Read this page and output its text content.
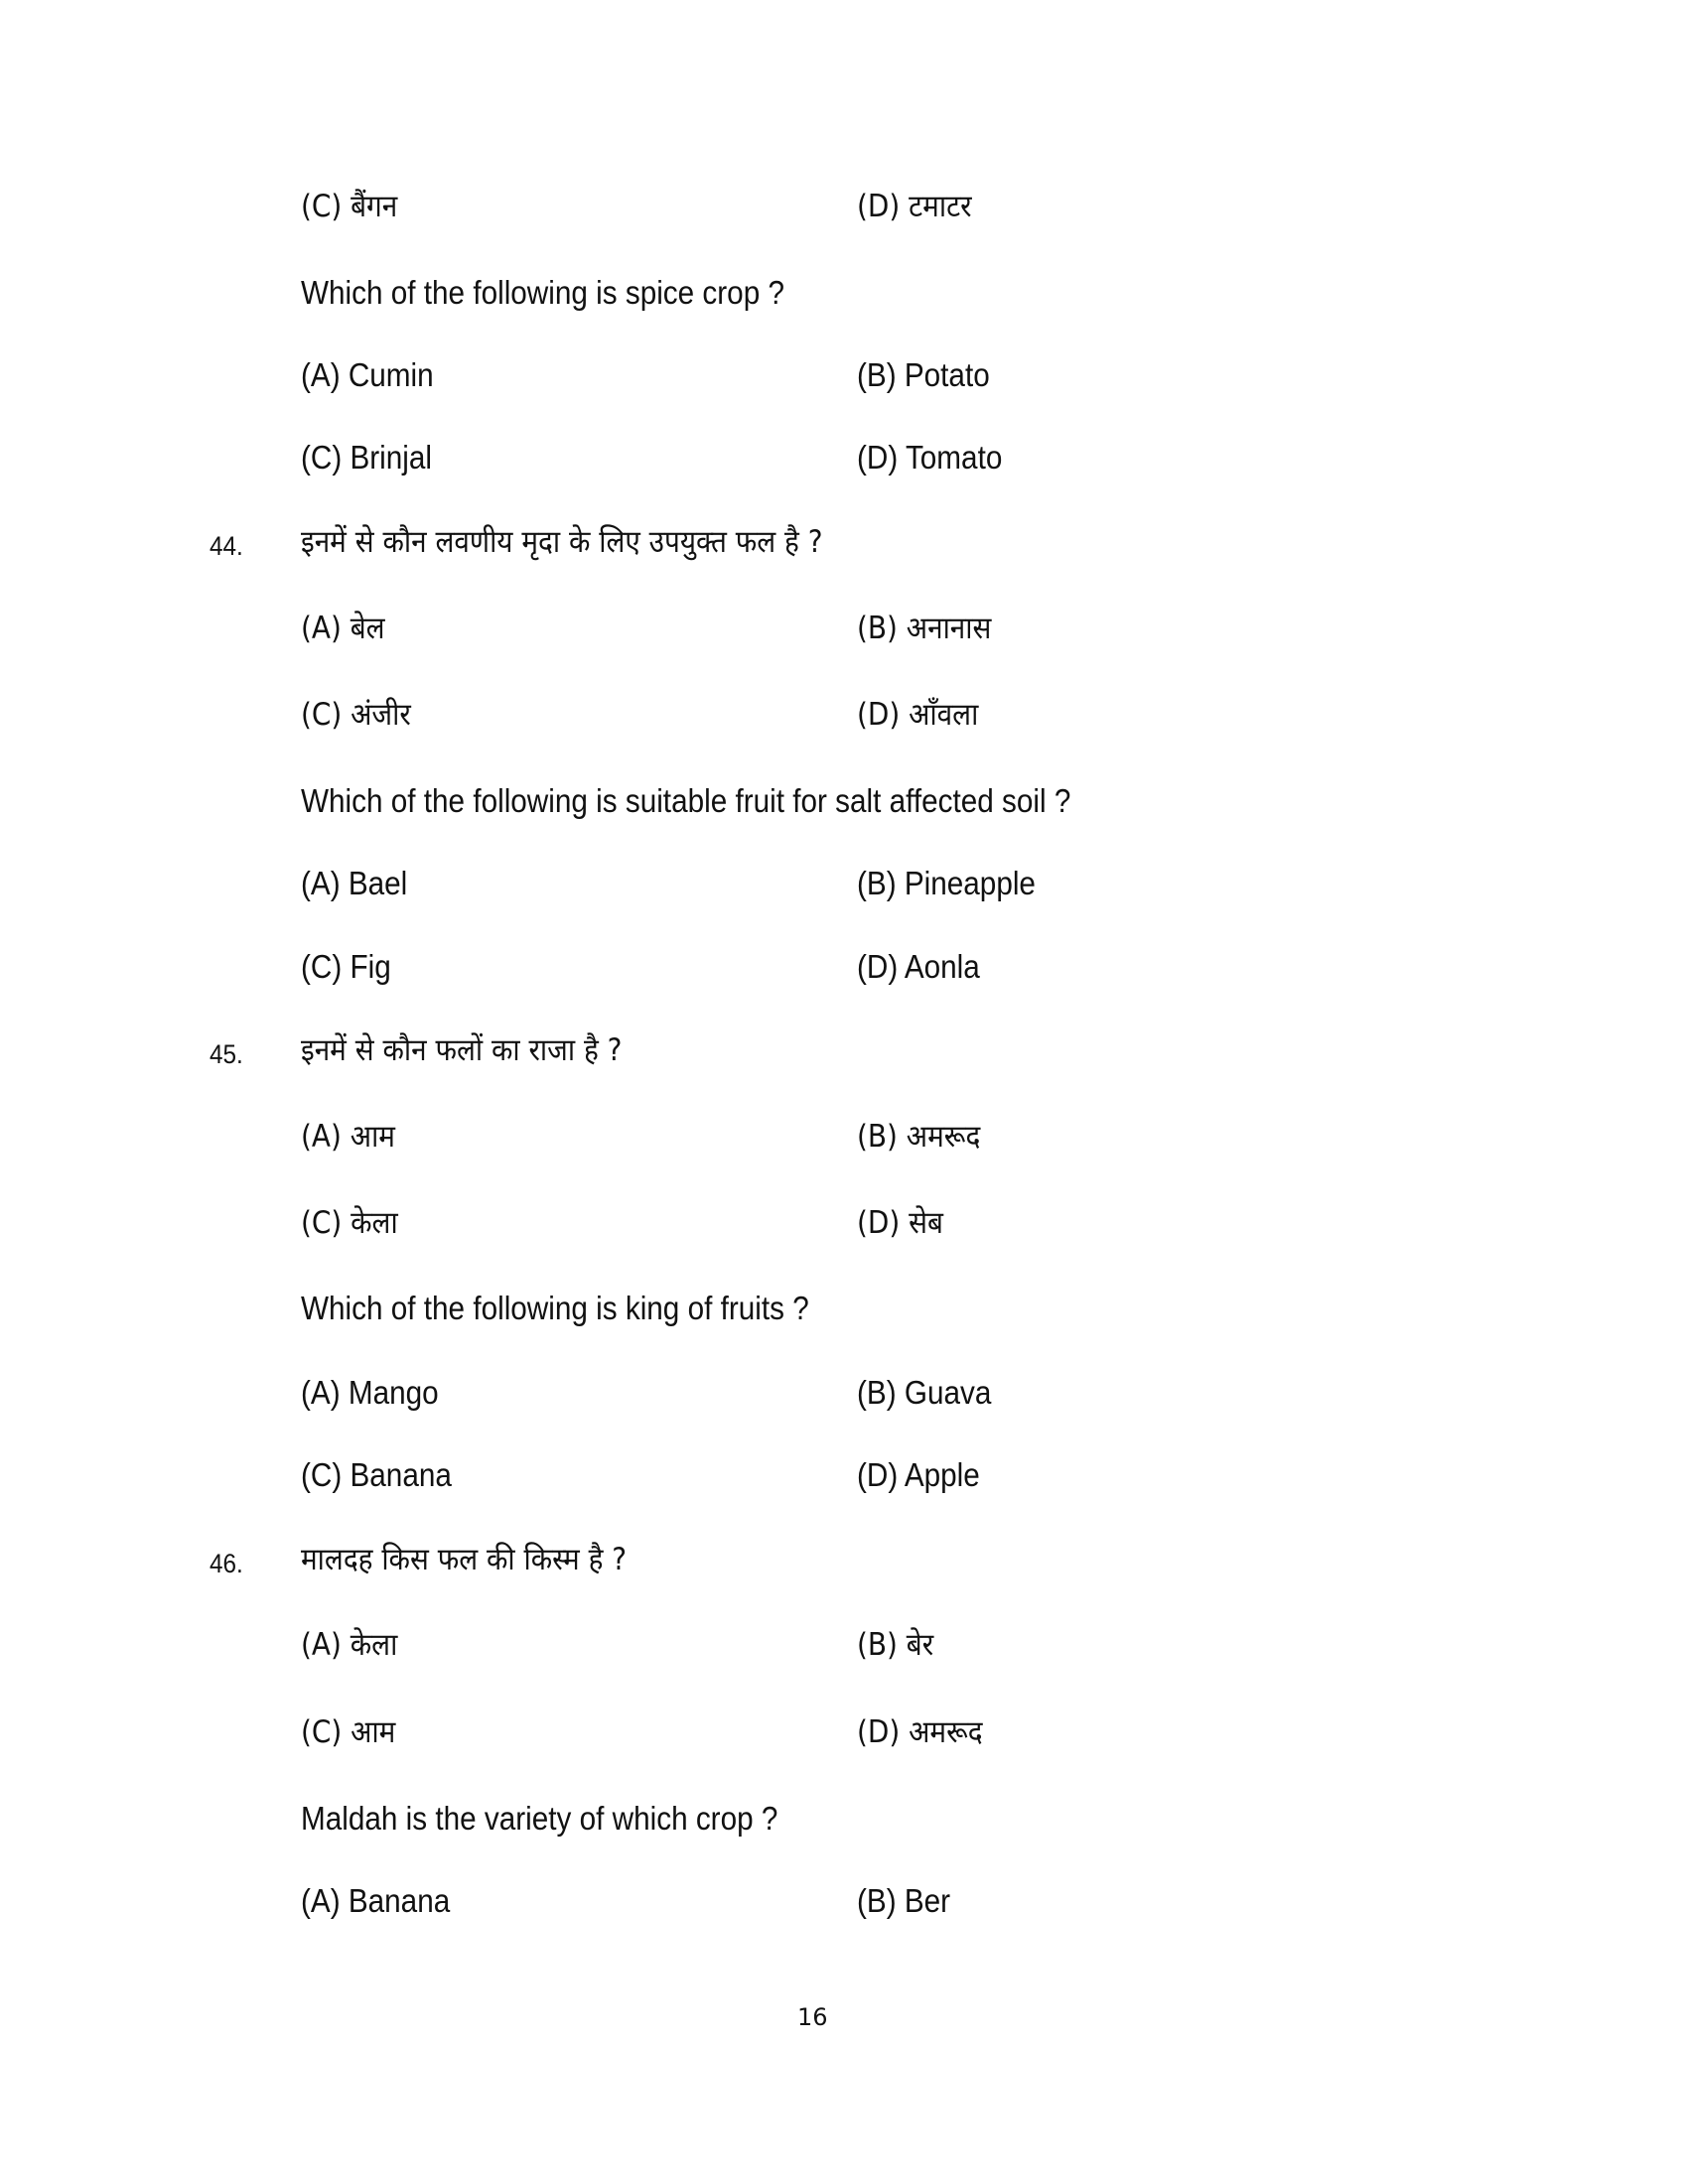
(C) बैंगन	(D) टमाटर
Which of the following is spice crop ?
(A) Cumin	(B) Potato
(C) Brinjal	(D) Tomato
44. इनमें से कौन लवणीय मृदा के लिए उपयुक्त फल है ?
(A) बेल	(B) अनानास
(C) अंजीर	(D) आँवला
Which of the following is suitable fruit for salt affected soil ?
(A) Bael	(B) Pineapple
(C) Fig	(D) Aonla
45. इनमें से कौन फलों का राजा है ?
(A) आम	(B) अमरूद
(C) केला	(D) सेब
Which of the following is king of fruits ?
(A) Mango	(B) Guava
(C) Banana	(D) Apple
46. मालदह किस फल की किस्म है ?
(A) केला	(B) बेर
(C) आम	(D) अमरूद
Maldah is the variety of which crop ?
(A) Banana	(B) Ber
16
